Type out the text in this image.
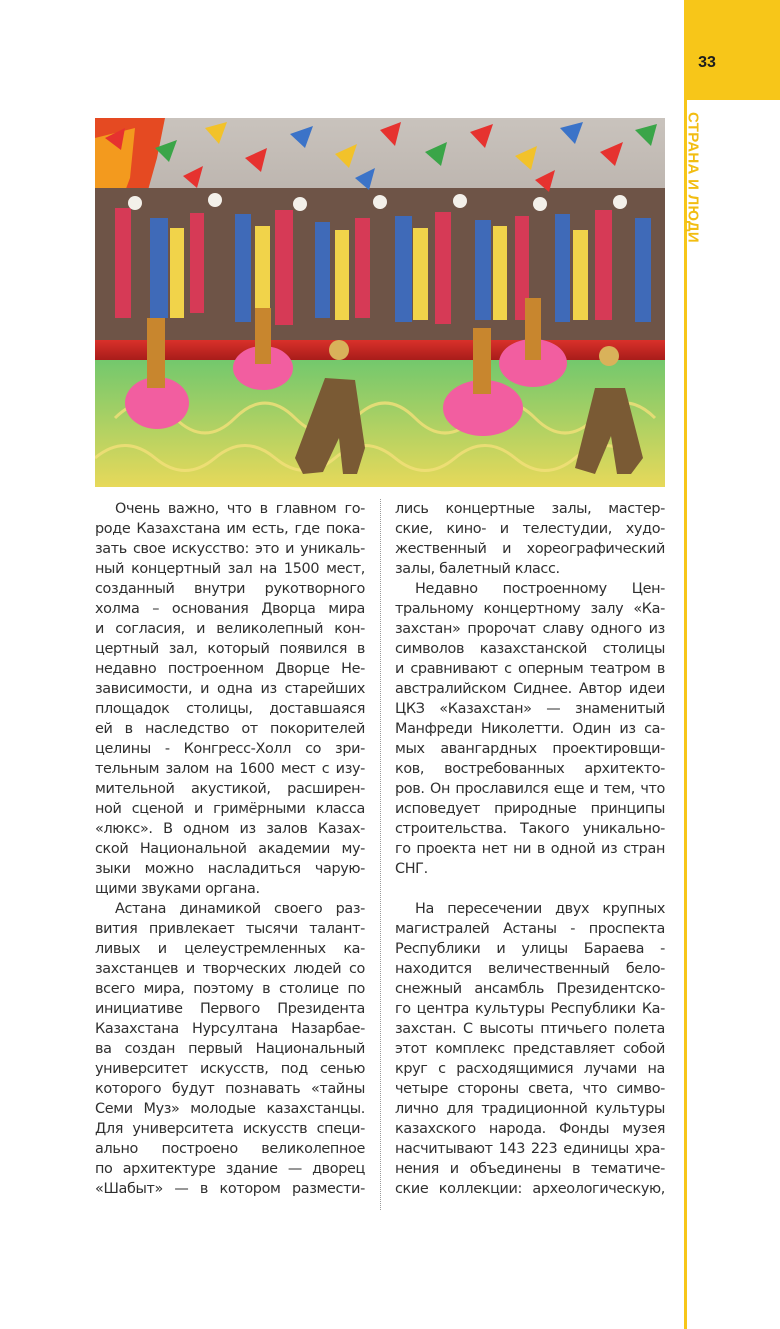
33
СТРАНА И ЛЮДИ
Очень важно, что в главном го-
роде Казахстана им есть, где пока-
зать свое искусство: это и уникаль-
ный концертный зал на 1500 мест,
созданный внутри рукотворного
холма – основания Дворца мира
и согласия, и великолепный кон-
цертный зал, который появился в
недавно построенном Дворце Не-
зависимости, и одна из старейших
площадок столицы, доставшаяся
ей в наследство от покорителей
целины - Конгресс-Холл со зри-
тельным залом на 1600 мест с изу-
мительной акустикой, расширен-
ной сценой и гримёрными класса
«люкс». В одном из залов Казах-
ской Национальной академии му-
зыки можно насладиться чарую-
щими звуками органа.
Астана динамикой своего раз-
вития привлекает тысячи талант-
ливых и целеустремленных ка-
захстанцев и творческих людей со
всего мира, поэтому в столице по
инициативе Первого Президента
Казахстана Нурсултана Назарбае-
ва создан первый Национальный
университет искусств, под сенью
которого будут познавать «тайны
Семи Муз» молодые казахстанцы.
Для университета искусств специ-
ально построено великолепное
по архитектуре здание — дворец
«Шабыт» — в котором размести-
лись концертные залы, мастер-
ские, кино- и телестудии, худо-
жественный и хореографический
залы, балетный класс.
Недавно построенному Цен-
тральному концертному залу «Ка-
захстан» пророчат славу одного из
символов казахстанской столицы
и сравнивают с оперным театром в
австралийском Сиднее. Автор идеи
ЦКЗ «Казахстан» — знаменитый
Манфреди Николетти. Один из са-
мых авангардных проектировщи-
ков, востребованных архитекто-
ров. Он прославился еще и тем, что
исповедует природные принципы
строительства. Такого уникально-
го проекта нет ни в одной из стран
СНГ.
На пересечении двух крупных
магистралей Астаны - проспекта
Республики и улицы Бараева -
находится величественный бело-
снежный ансамбль Президентско-
го центра культуры Республики Ка-
захстан. С высоты птичьего полета
этот комплекс представляет собой
круг с расходящимися лучами на
четыре стороны света, что симво-
лично для традиционной культуры
казахского народа. Фонды музея
насчитывают 143 223 единицы хра-
нения и объединены в тематиче-
ские коллекции: археологическую,
